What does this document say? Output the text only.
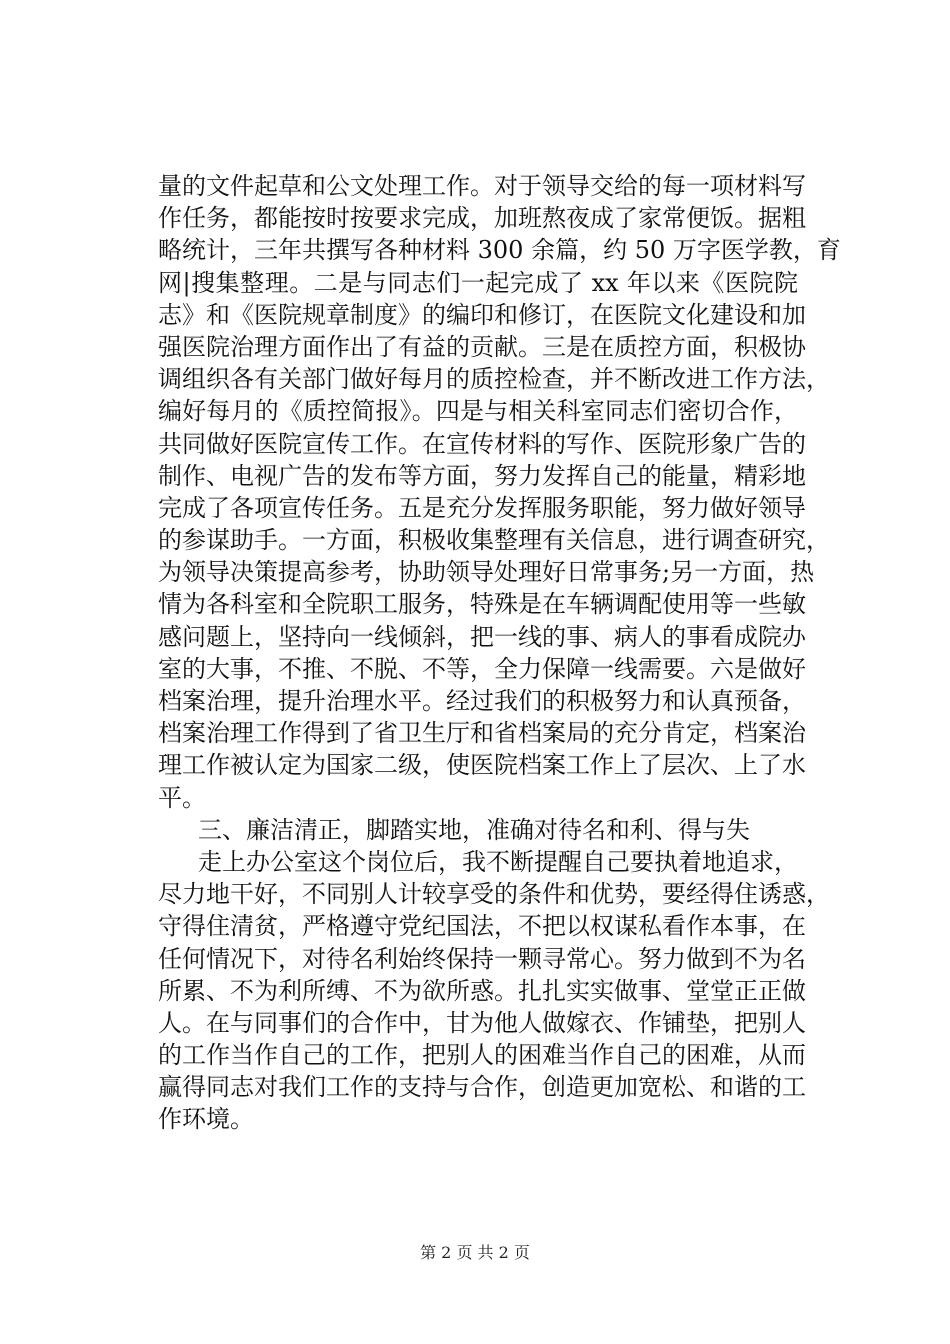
量的文件起草和公文处理工作。对于领导交给的每一项材料写
作任务，都能按时按要求完成，加班熬夜成了家常便饭。据粗
略统计，三年共撰写各种材料 300 余篇，约 50 万字医学教，育
网|搜集整理。二是与同志们一起完成了 xx 年以来《医院院
志》和《医院规章制度》的编印和修订，在医院文化建设和加
强医院治理方面作出了有益的贡献。三是在质控方面，积极协
调组织各有关部门做好每月的质控检查，并不断改进工作方法，
编好每月的《质控简报》。四是与相关科室同志们密切合作，
共同做好医院宣传工作。在宣传材料的写作、医院形象广告的
制作、电视广告的发布等方面，努力发挥自己的能量，精彩地
完成了各项宣传任务。五是充分发挥服务职能，努力做好领导
的参谋助手。一方面，积极收集整理有关信息，进行调查研究，
为领导决策提高参考，协助领导处理好日常事务;另一方面，热
情为各科室和全院职工服务，特殊是在车辆调配使用等一些敏
感问题上，坚持向一线倾斜，把一线的事、病人的事看成院办
室的大事，不推、不脱、不等，全力保障一线需要。六是做好
档案治理，提升治理水平。经过我们的积极努力和认真预备，
档案治理工作得到了省卫生厅和省档案局的充分肯定，档案治
理工作被认定为国家二级，使医院档案工作上了层次、上了水
平。
三、廉洁清正，脚踏实地，准确对待名和利、得与失
走上办公室这个岗位后，我不断提醒自己要执着地追求，
尽力地干好，不同别人计较享受的条件和优势，要经得住诱惑，
守得住清贫，严格遵守党纪国法，不把以权谋私看作本事，在
任何情况下，对待名利始终保持一颗寻常心。努力做到不为名
所累、不为利所缚、不为欲所惑。扎扎实实做事、堂堂正正做
人。在与同事们的合作中，甘为他人做嫁衣、作铺垫，把别人
的工作当作自己的工作，把别人的困难当作自己的困难，从而
赢得同志对我们工作的支持与合作，创造更加宽松、和谐的工
作环境。
第 2 页 共 2 页
